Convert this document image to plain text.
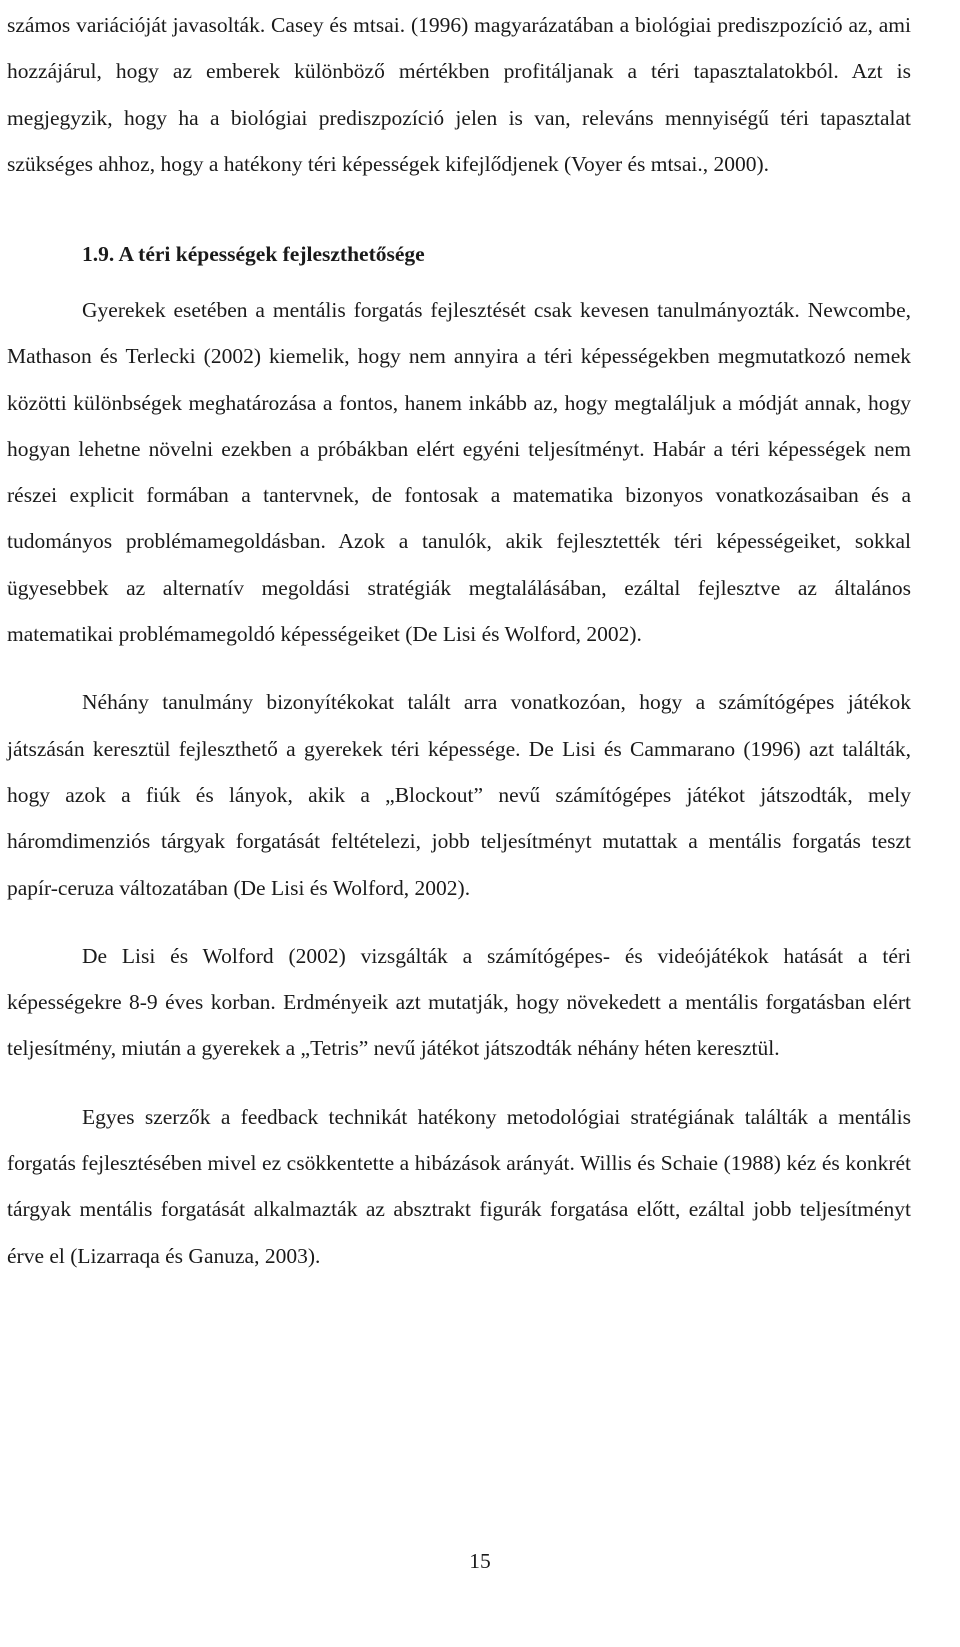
számos variációját javasolták. Casey és mtsai. (1996) magyarázatában a biológiai prediszpozíció az, ami hozzájárul, hogy az emberek különböző mértékben profitáljanak a téri tapasztalatokból. Azt is megjegyzik, hogy ha a biológiai prediszpozíció jelen is van, releváns mennyiségű téri tapasztalat szükséges ahhoz, hogy a hatékony téri képességek kifejlődjenek (Voyer és mtsai., 2000).

1.9. A téri képességek fejleszthetősége

Gyerekek esetében a mentális forgatás fejlesztését csak kevesen tanulmányozták. Newcombe, Mathason és Terlecki (2002) kiemelik, hogy nem annyira a téri képességekben megmutatkozó nemek közötti különbségek meghatározása a fontos, hanem inkább az, hogy megtaláljuk a módját annak, hogy hogyan lehetne növelni ezekben a próbákban elért egyéni teljesítményt. Habár a téri képességek nem részei explicit formában a tantervnek, de fontosak a matematika bizonyos vonatkozásaiban és a tudományos problémamegoldásban. Azok a tanulók, akik fejlesztették téri képességeiket, sokkal ügyesebbek az alternatív megoldási stratégiák megtalálásában, ezáltal fejlesztve az általános matematikai problémamegoldó képességeiket (De Lisi és Wolford, 2002).

Néhány tanulmány bizonyítékokat talált arra vonatkozóan, hogy a számítógépes játékok játszásán keresztül fejleszthető a gyerekek téri képessége. De Lisi és Cammarano (1996) azt találták, hogy azok a fiúk és lányok, akik a „Blockout” nevű számítógépes játékot játszodták, mely háromdimenziós tárgyak forgatását feltételezi, jobb teljesítményt mutattak a mentális forgatás teszt papír-ceruza változatában (De Lisi és Wolford, 2002).

De Lisi és Wolford (2002) vizsgálták a számítógépes- és videójátékok hatását a téri képességekre 8-9 éves korban. Erdményeik azt mutatják, hogy növekedett a mentális forgatásban elért teljesítmény, miután a gyerekek a „Tetris” nevű játékot játszodták néhány héten keresztül.

Egyes szerzők a feedback technikát hatékony metodológiai stratégiának találták a mentális forgatás fejlesztésében mivel ez csökkentette a hibázások arányát. Willis és Schaie (1988) kéz és konkrét tárgyak mentális forgatását alkalmazták az absztrakt figurák forgatása előtt, ezáltal jobb teljesítményt érve el (Lizarraqa és Ganuza, 2003).

15
